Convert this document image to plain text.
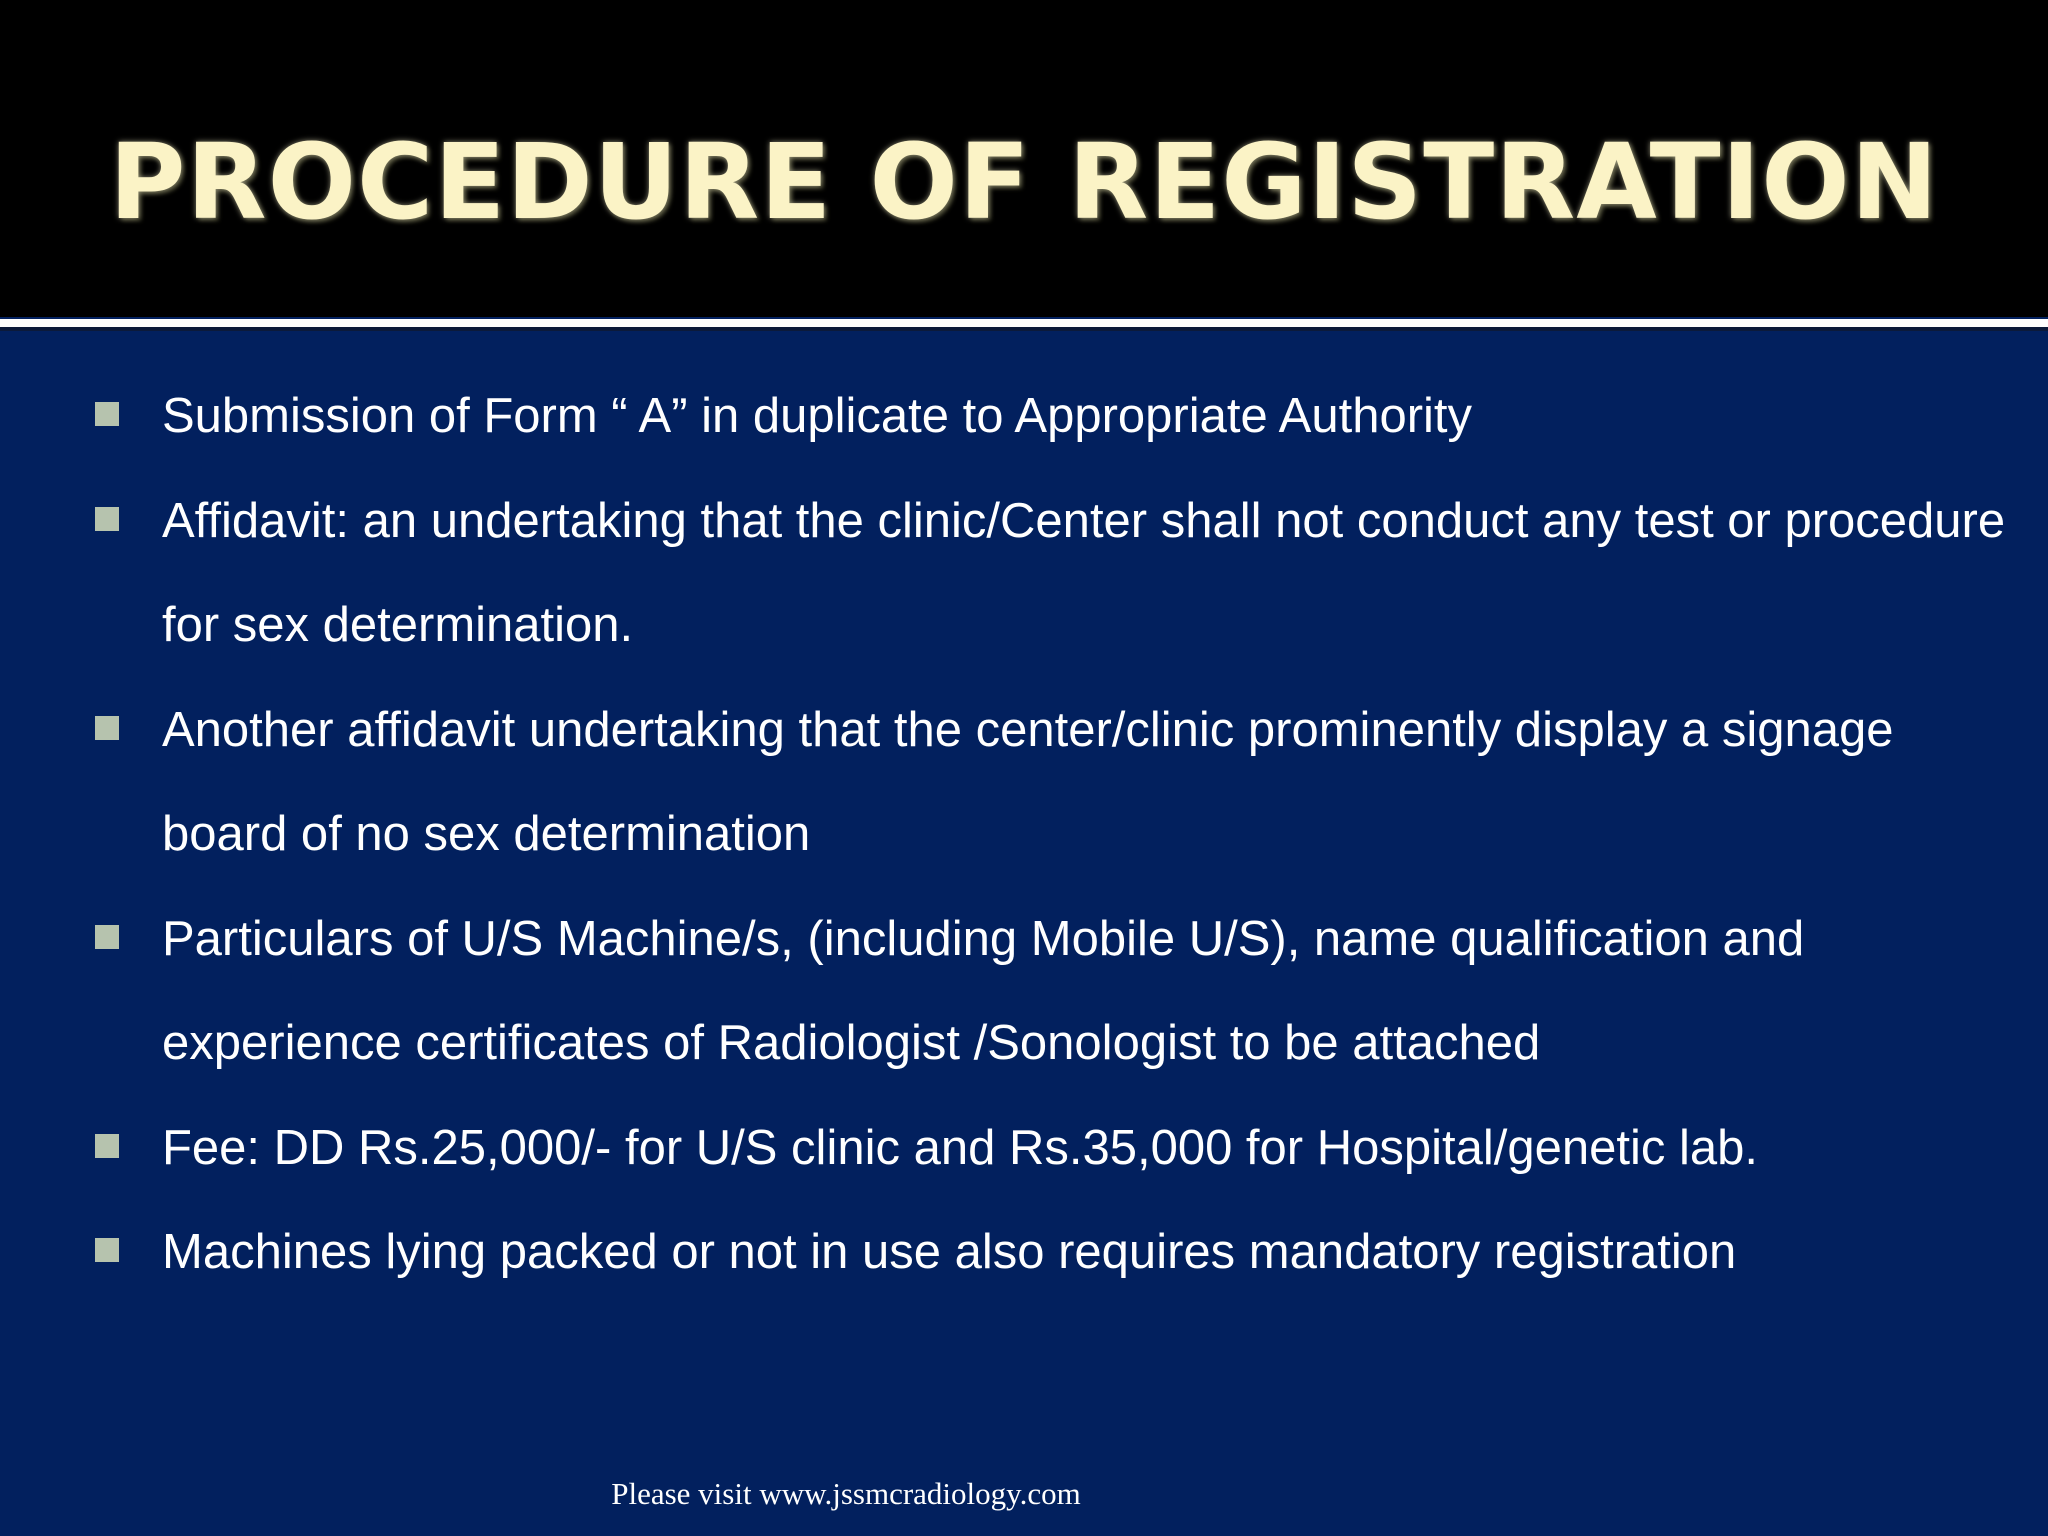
PROCEDURE OF REGISTRATION
Submission of Form “ A” in duplicate to Appropriate Authority
Affidavit: an undertaking that the clinic/Center shall not conduct any test or procedure for sex determination.
Another affidavit undertaking that the center/clinic prominently display a signage board of no sex determination
Particulars of U/S Machine/s, (including Mobile U/S), name qualification and experience certificates of Radiologist /Sonologist to be attached
Fee: DD Rs.25,000/- for U/S clinic and Rs.35,000 for Hospital/genetic lab.
Machines lying packed or not in use also requires mandatory registration
Please visit www.jssmcradiology.com
